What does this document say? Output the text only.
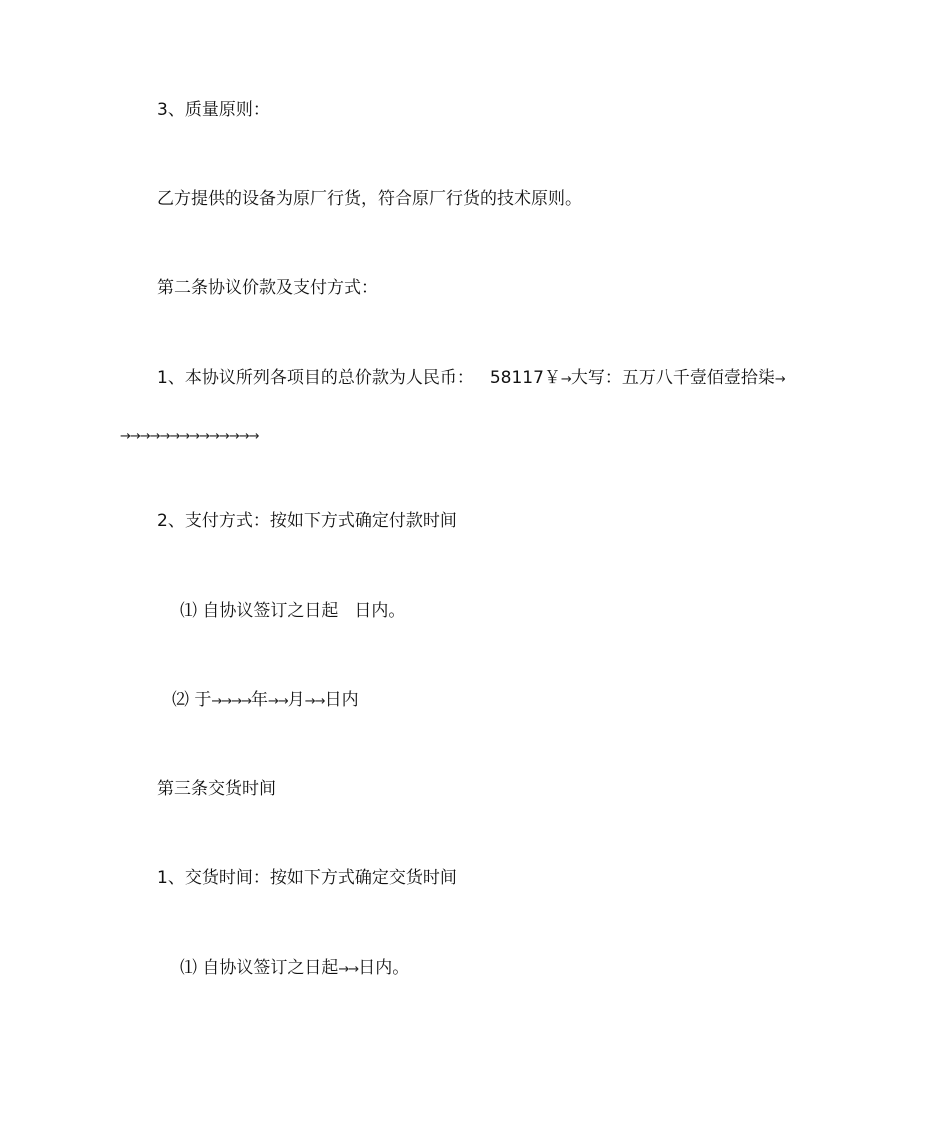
3、质量原则：

乙方提供的设备为原厂行货，符合原厂行货的技术原则。

第二条协议价款及支付方式：

1、本协议所列各项目的总价款为人民币： 58117￥→大写：五万八千壹佰壹拾柒→

→→→→→→→→→→→→→→

2、支付方式：按如下方式确定付款时间

⑴ 自协议签订之日起 日内。

⑵ 于→→→→年→→月→→日内

第三条交货时间

1、交货时间：按如下方式确定交货时间

⑴ 自协议签订之日起→→日内。
